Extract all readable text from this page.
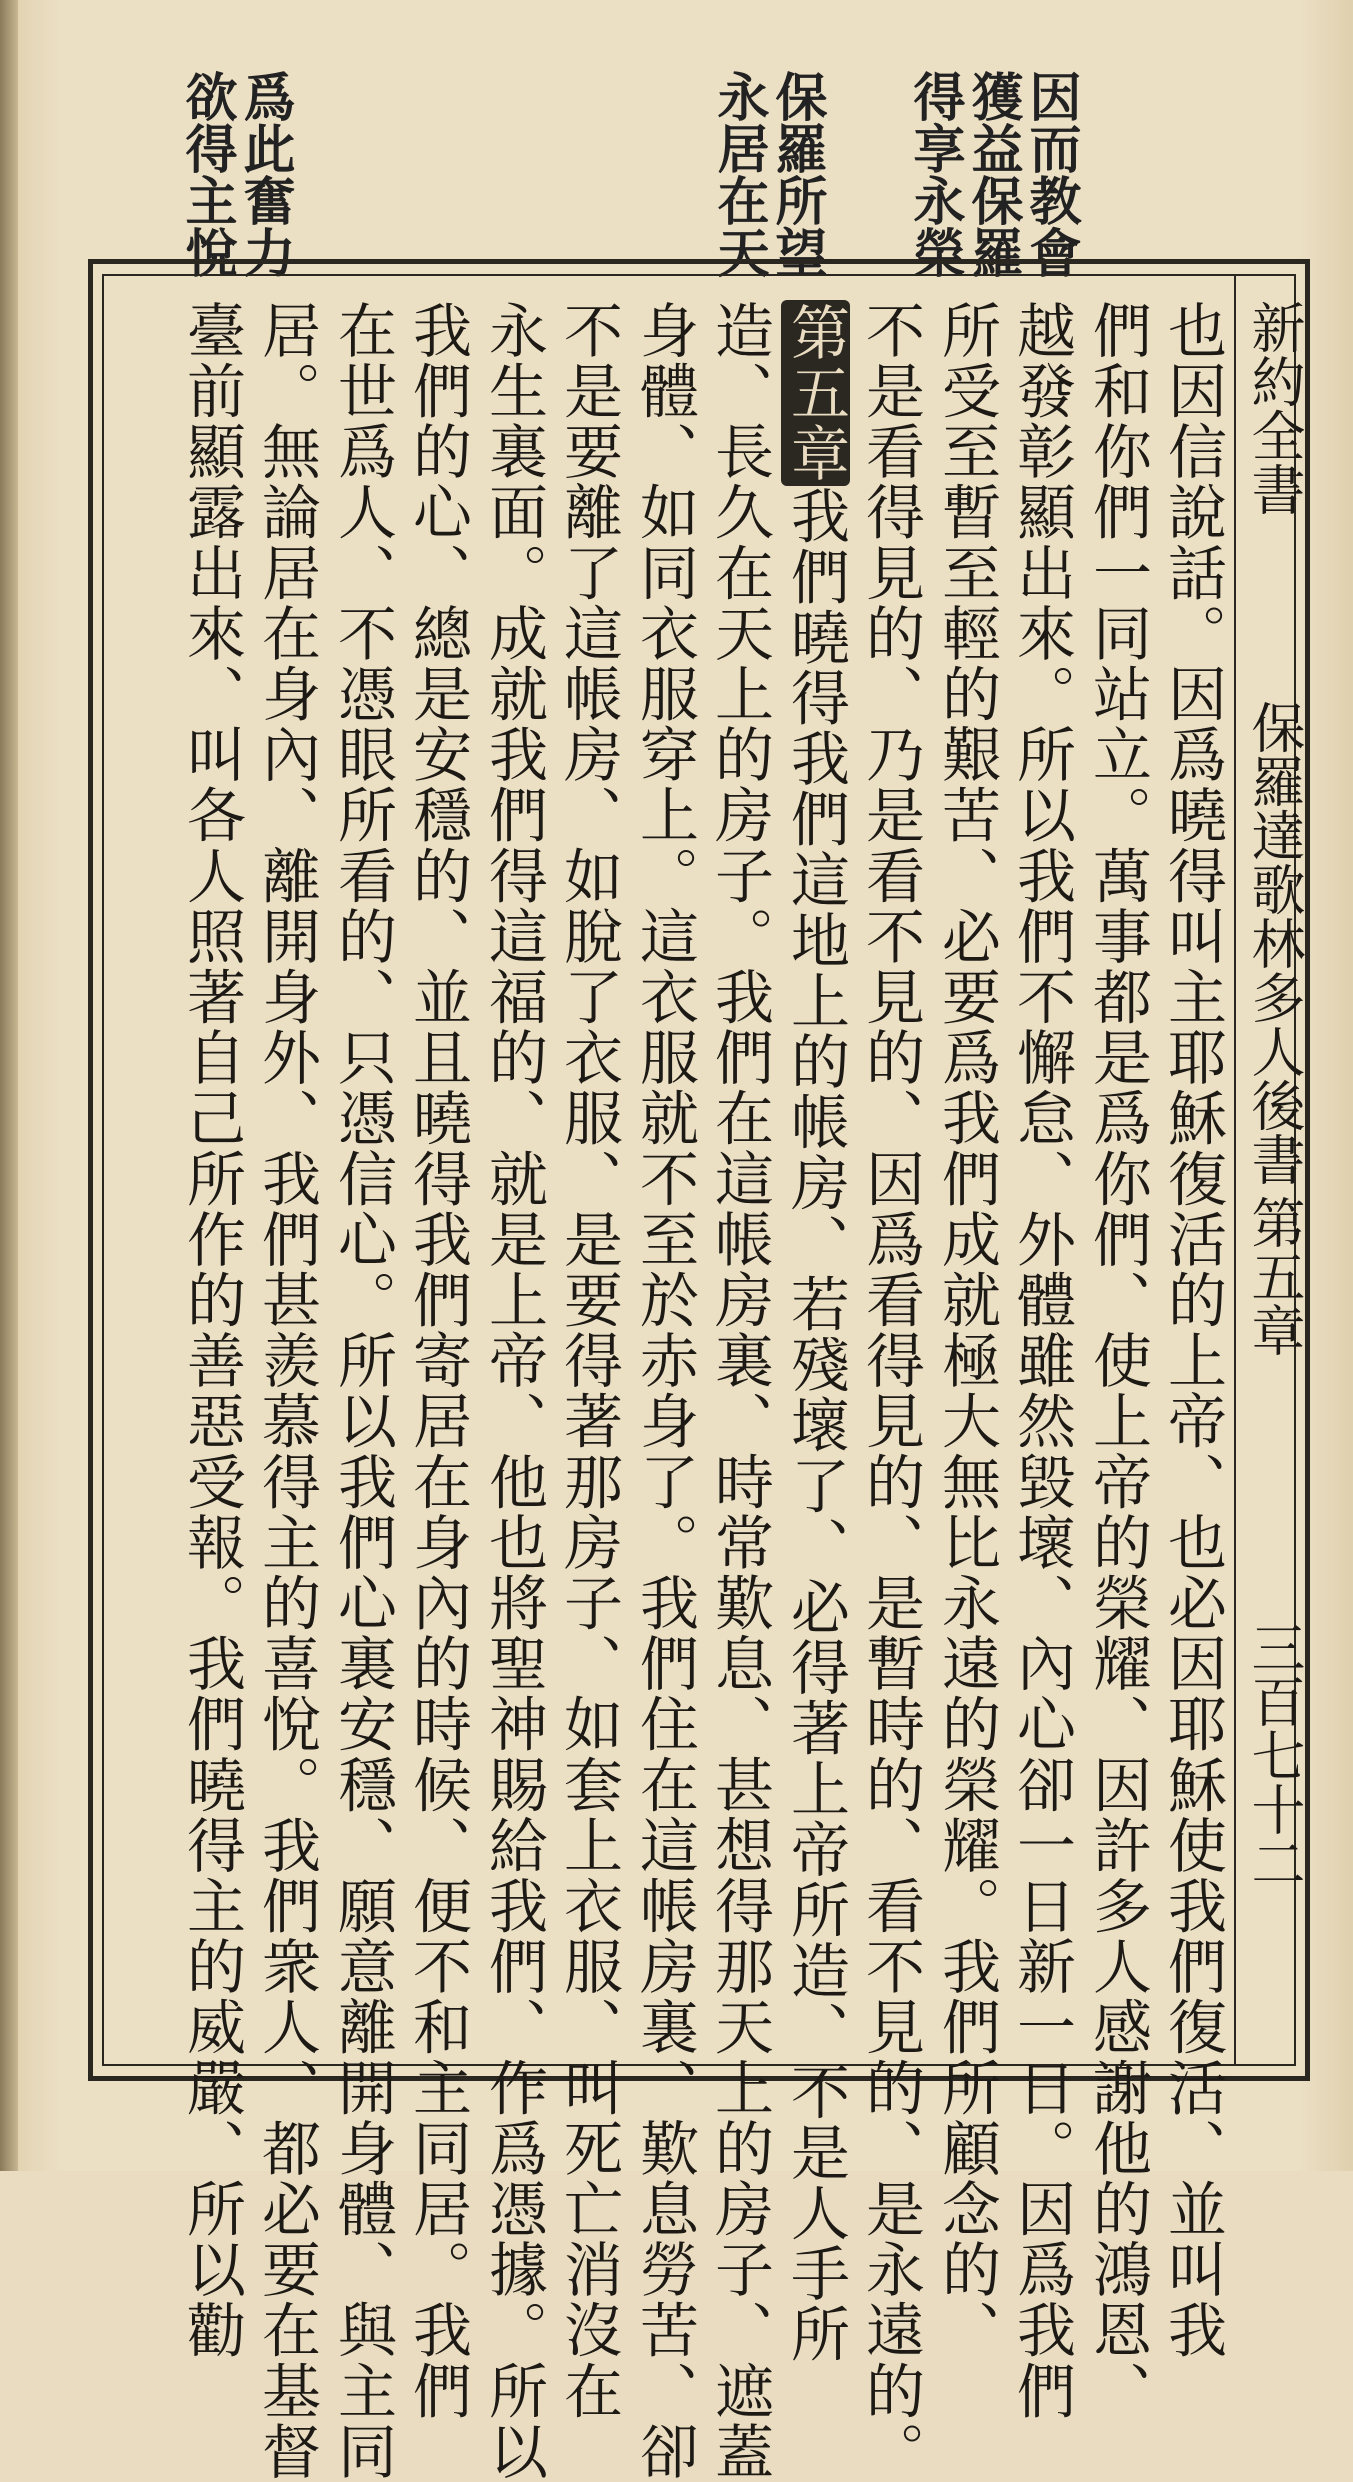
因而教會
獲益保羅
得享永榮
保羅所望
永居在天
爲此奮力
欲得主悅
新約全書
保羅達歌林多人後書
第五章
三百七十二
也因信說話。因爲曉得叫主耶穌復活的上帝、也必因耶穌使我們復活、並叫我
們和你們一同站立。萬事都是爲你們、使上帝的榮耀、因許多人感謝他的鴻恩、
越發彰顯出來。所以我們不懈怠、外體雖然毀壞、內心卻一日新一日。因爲我們
所受至暫至輕的艱苦、必要爲我們成就極大無比永遠的榮耀。我們所顧念的、
不是看得見的、乃是看不見的、因爲看得見的、是暫時的、看不見的、是永遠的。
第五章我們曉得我們這地上的帳房、若殘壞了、必得著上帝所造、不是人手所
造、長久在天上的房子。我們在這帳房裏、時常歎息、甚想得那天上的房子、遮蓋
身體、如同衣服穿上。這衣服就不至於赤身了。我們住在這帳房裏、歎息勞苦、卻
不是要離了這帳房、如脫了衣服、是要得著那房子、如套上衣服、叫死亡消沒在
永生裏面。成就我們得這福的、就是上帝、他也將聖神賜給我們、作爲憑據。所以
我們的心、總是安穩的、並且曉得我們寄居在身內的時候、便不和主同居。我們
在世爲人、不憑眼所看的、只憑信心。所以我們心裏安穩、願意離開身體、與主同
居。無論居在身內、離開身外、我們甚羨慕得主的喜悅。我們衆人、都必要在基督
臺前顯露出來、叫各人照著自己所作的善惡受報。我們曉得主的威嚴、所以勸
